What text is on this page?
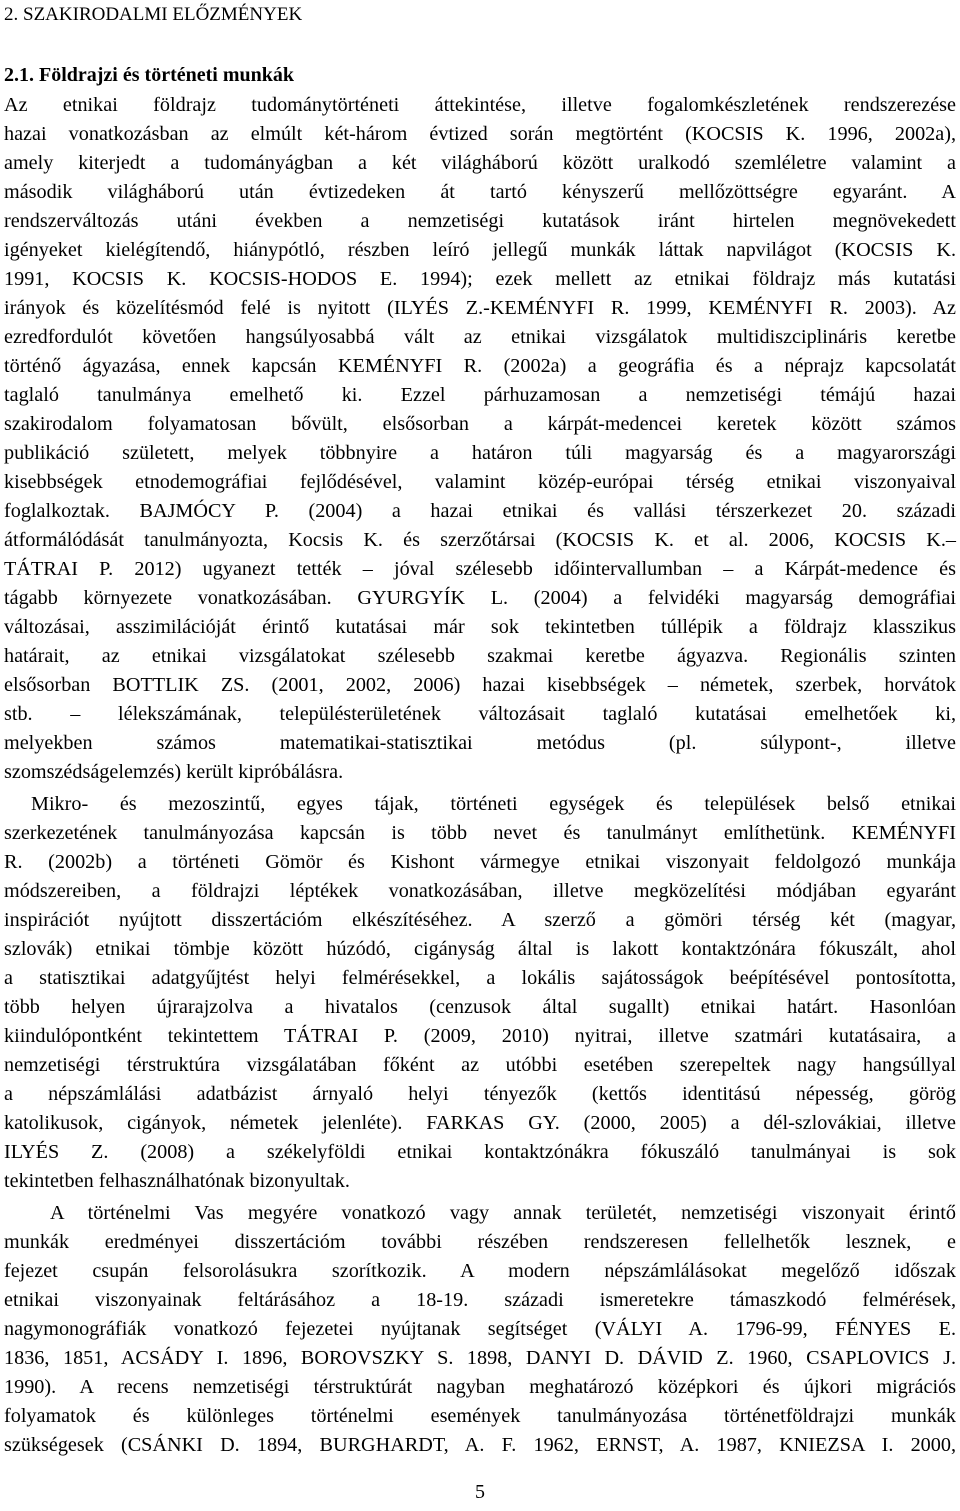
2. SZAKIRODALMI ELŐZMÉNYEK
2.1. Földrajzi és történeti munkák
Az etnikai földrajz tudománytörténeti áttekintése, illetve fogalomkészletének rendszerezése
hazai vonatkozásban az elmúlt két-három évtized során megtörtént (KOCSIS K. 1996, 2002a),
amely kiterjedt a tudományágban a két világháború között uralkodó szemléletre valamint a
második világháború után évtizedeken át tartó kényszerű mellőzöttségre egyaránt. A
rendszerváltozás utáni években a nemzetiségi kutatások iránt hirtelen megnövekedett
igényeket kielégítendő, hiánypótló, részben leíró jellegű munkák láttak napvilágot (KOCSIS K.
1991, KOCSIS K. KOCSIS-HODOS E. 1994); ezek mellett az etnikai földrajz más kutatási
irányok és közelítésmód felé is nyitott (ILYÉS Z.-KEMÉNYFI R. 1999, KEMÉNYFI R. 2003). Az
ezredfordulót követően hangsúlyosabbá vált az etnikai vizsgálatok multidiszciplináris keretbe
történő ágyazása, ennek kapcsán KEMÉNYFI R. (2002a) a geográfia és a néprajz kapcsolatát
taglaló tanulmánya emelhető ki. Ezzel párhuzamosan a nemzetiségi témájú hazai
szakirodalom folyamatosan bővült, elsősorban a kárpát-medencei keretek között számos
publikáció született, melyek többnyire a határon túli magyarság és a magyarországi
kisebbségek etnodemográfiai fejlődésével, valamint közép-európai térség etnikai viszonyaival
foglalkoztak. BAJMÓCY P. (2004) a hazai etnikai és vallási térszerkezet 20. századi
átformálódását tanulmányozta, Kocsis K. és szerzőtársai (KOCSIS K. et al. 2006, KOCSIS K.–
TÁTRAI P. 2012) ugyanezt tették – jóval szélesebb időintervallumban – a Kárpát-medence és
tágabb környezete vonatkozásában. GYURGYÍK L. (2004) a felvidéki magyarság demográfiai
változásai, asszimilációját érintő kutatásai már sok tekintetben túllépik a földrajz klasszikus
határait, az etnikai vizsgálatokat szélesebb szakmai keretbe ágyazva. Regionális szinten
elsősorban BOTTLIK ZS. (2001, 2002, 2006) hazai kisebbségek – németek, szerbek, horvátok
stb. – lélekszámának, településterületének változásait taglaló kutatásai emelhetőek ki,
melyekben számos matematikai-statisztikai metódus (pl. súlypont-, illetve
szomszédságelemzés) került kipróbálásra.
Mikro- és mezoszintű, egyes tájak, történeti egységek és települések belső etnikai
szerkezetének tanulmányozása kapcsán is több nevet és tanulmányt említhetünk. KEMÉNYFI
R. (2002b) a történeti Gömör és Kishont vármegye etnikai viszonyait feldolgozó munkája
módszereiben, a földrajzi léptékek vonatkozásában, illetve megközelítési módjában egyaránt
inspirációt nyújtott disszertációm elkészítéséhez. A szerző a gömöri térség két (magyar,
szlovák) etnikai tömbje között húzódó, cigányság által is lakott kontaktzónára fókuszált, ahol
a statisztikai adatgyűjtést helyi felmérésekkel, a lokális sajátosságok beépítésével pontosította,
több helyen újrarajzolva a hivatalos (cenzusok által sugallt) etnikai határt. Hasonlóan
kiindulópontként tekintettem TÁTRAI P. (2009, 2010) nyitrai, illetve szatmári kutatásaira, a
nemzetiségi térstruktúra vizsgálatában főként az utóbbi esetében szerepeltek nagy hangsúllyal
a népszámlálási adatbázist árnyaló helyi tényezők (kettős identitású népesség, görög
katolikusok, cigányok, németek jelenléte). FARKAS GY. (2000, 2005) a dél-szlovákiai, illetve
ILYÉS Z. (2008) a székelyföldi etnikai kontaktzónákra fókuszáló tanulmányai is sok
tekintetben felhasználhatónak bizonyultak.
A történelmi Vas megyére vonatkozó vagy annak területét, nemzetiségi viszonyait érintő
munkák eredményei disszertációm további részében rendszeresen fellelhetők lesznek, e
fejezet csupán felsorolásukra szorítkozik. A modern népszámlálásokat megelőző időszak
etnikai viszonyainak feltárásához a 18-19. századi ismeretekre támaszkodó felmérések,
nagymonográfiák vonatkozó fejezetei nyújtanak segítséget (VÁLYI A. 1796-99, FÉNYES E.
1836, 1851, ACSÁDY I. 1896, BOROVSZKY S. 1898, DANYI D. DÁVID Z. 1960, CSAPLOVICS J.
1990). A recens nemzetiségi térstruktúrát nagyban meghatározó középkori és újkori migrációs
folyamatok és különleges történelmi események tanulmányozása történetföldrajzi munkák
szükségesek (CSÁNKI D. 1894, BURGHARDT, A. F. 1962, ERNST, A. 1987, KNIEZSA I. 2000,
5
